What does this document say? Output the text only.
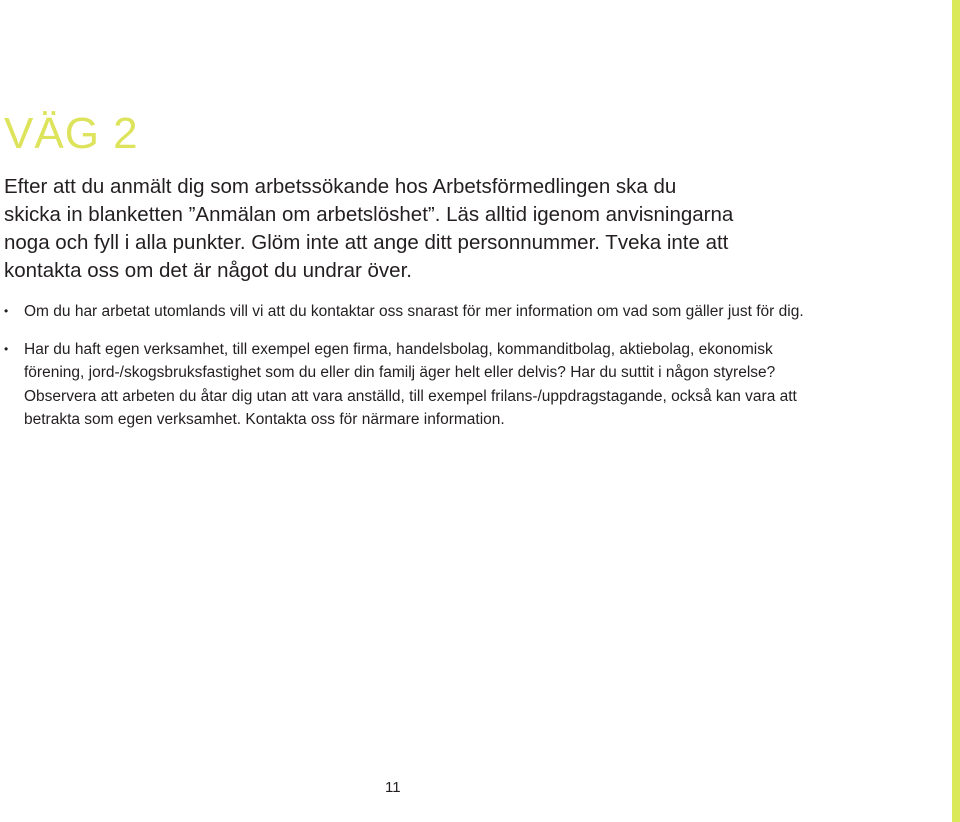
VÄG 2

Efter att du anmält dig som arbetssökande hos Arbetsförmedlingen ska du skicka in blanketten ”Anmälan om arbetslöshet”. Läs alltid igenom anvisningarna noga och fyll i alla punkter. Glöm inte att ange ditt personnummer. Tveka inte att kontakta oss om det är något du undrar över.

• Om du har arbetat utomlands vill vi att du kontaktar oss snarast för mer information om vad som gäller just för dig.
• Har du haft egen verksamhet, till exempel egen firma, handelsbolag, kommanditbolag, aktiebolag, ekonomisk förening, jord-/skogsbruksfastighet som du eller din familj äger helt eller delvis? Har du suttit i någon styrelse? Observera att arbeten du åtar dig utan att vara anställd, till exempel frilans-/uppdragstagande, också kan vara att betrakta som egen verksamhet. Kontakta oss för närmare information.
11
